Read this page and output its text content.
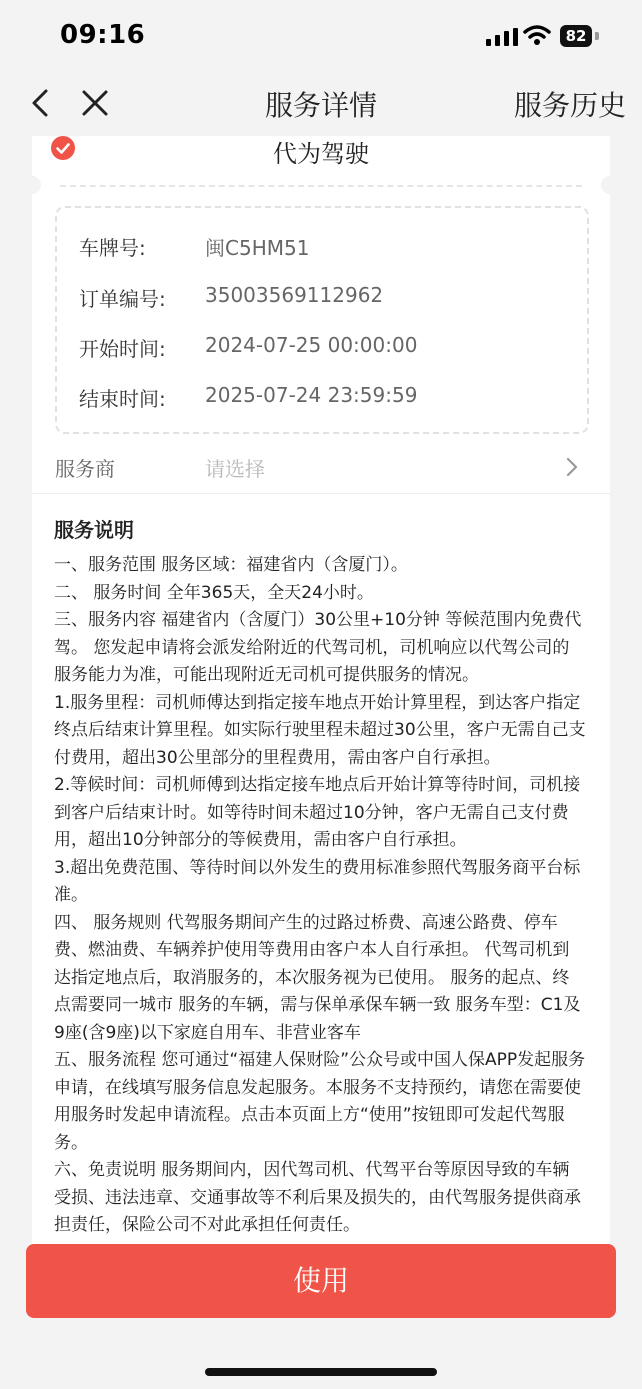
09:16	82
服务详情	服务历史
代为驾驶
车牌号:	闽C5HM51
订单编号: 35003569112962
开始时间: 2024-07-25 00:00:00
结束时间: 2025-07-24 23:59:59
服务商	请选择
服务说明

一、服务范围 服务区域：福建省内（含厦门）。

二、 服务时间 全年365天，全天24小时。

三、服务内容 福建省内（含厦门）30公里+10分钟 等候范围内免费代驾。 您发起申请将会派发给附近的代驾司机，司机响应以代驾公司的服务能力为准，可能出现附近无司机可提供服务的情况。

1.服务里程：司机师傅达到指定接车地点开始计算里程，到达客户指定终点后结束计算里程。如实际行驶里程未超过30公里，客户无需自己支付费用，超出30公里部分的里程费用，需由客户自行承担。

2.等候时间：司机师傅到达指定接车地点后开始计算等待时间，司机接到客户后结束计时。如等待时间未超过10分钟，客户无需自己支付费用，超出10分钟部分的等候费用，需由客户自行承担。

3.超出免费范围、等待时间以外发生的费用标准参照代驾服务商平台标准。

四、 服务规则 代驾服务期间产生的过路过桥费、高速公路费、停车费、燃油费、车辆养护使用等费用由客户本人自行承担。 代驾司机到达指定地点后，取消服务的，本次服务视为已使用。 服务的起点、终点需要同一城市 服务的车辆，需与保单承保车辆一致 服务车型：C1及9座(含9座)以下家庭自用车、非营业客车

五、服务流程 您可通过“福建人保财险”公众号或中国人保APP发起服务申请，在线填写服务信息发起服务。本服务不支持预约，请您在需要使用服务时发起申请流程。点击本页面上方“使用”按钮即可发起代驾服务。

六、免责说明 服务期间内，因代驾司机、代驾平台等原因导致的车辆受损、违法违章、交通事故等不利后果及损失的，由代驾服务提供商承担责任，保险公司不对此承担任何责任。

使用
